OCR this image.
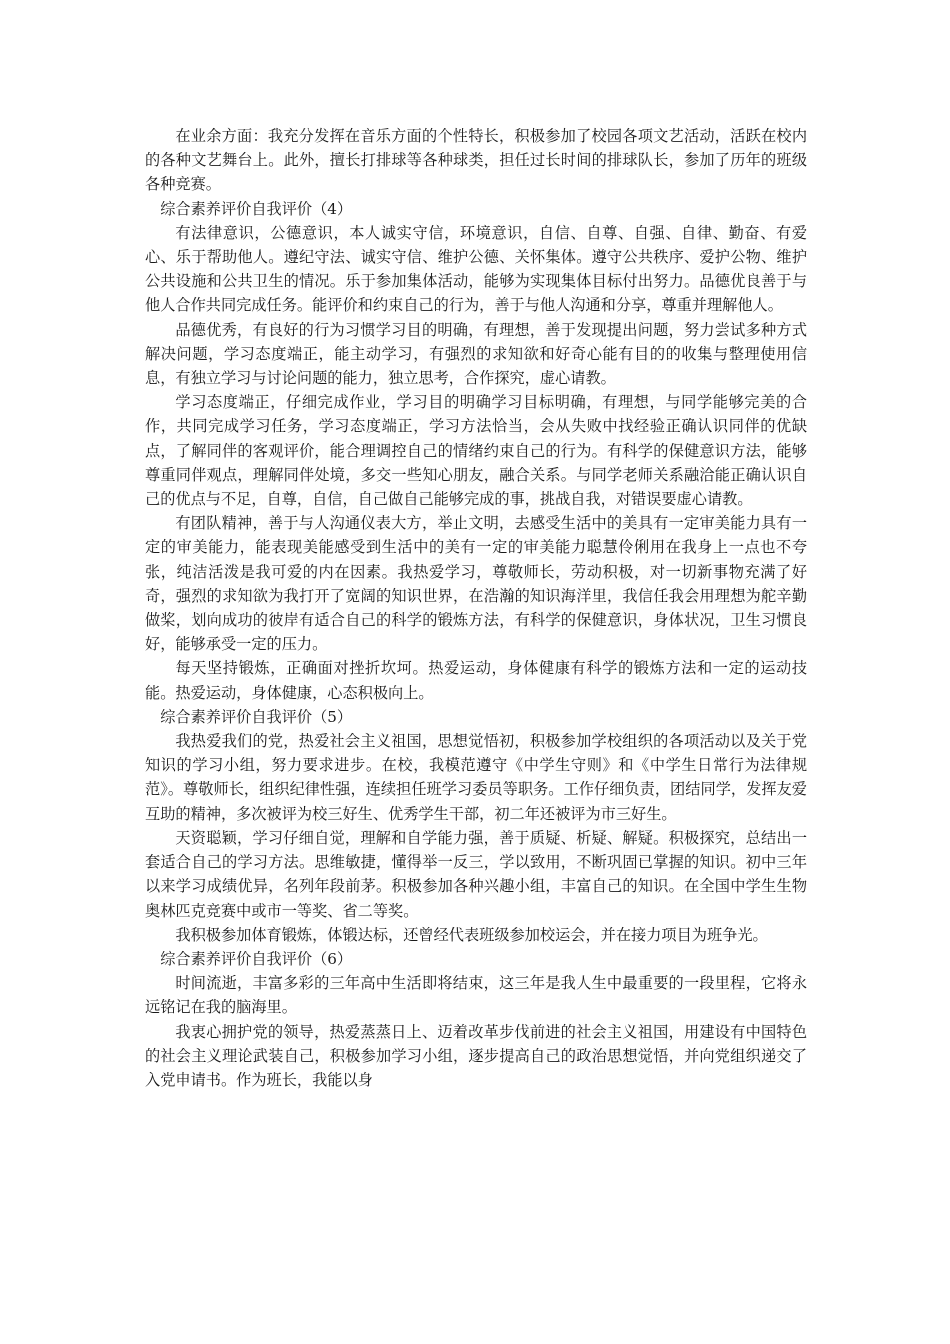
在业余方面：我充分发挥在音乐方面的个性特长，积极参加了校园各项文艺活动，活跃在校内的各种文艺舞台上。此外，擅长打排球等各种球类，担任过长时间的排球队长，参加了历年的班级各种竞赛。

综合素养评价自我评价（4）

有法律意识，公德意识，本人诚实守信，环境意识，自信、自尊、自强、自律、勤奋、有爱心、乐于帮助他人。遵纪守法、诚实守信、维护公德、关怀集体。遵守公共秩序、爱护公物、维护公共设施和公共卫生的情况。乐于参加集体活动，能够为实现集体目标付出努力。品德优良善于与他人合作共同完成任务。能评价和约束自己的行为，善于与他人沟通和分享，尊重并理解他人。

品德优秀，有良好的行为习惯学习目的明确，有理想，善于发现提出问题，努力尝试多种方式解决问题，学习态度端正，能主动学习，有强烈的求知欲和好奇心能有目的的收集与整理使用信息，有独立学习与讨论问题的能力，独立思考，合作探究，虚心请教。

学习态度端正，仔细完成作业，学习目的明确学习目标明确，有理想，与同学能够完美的合作，共同完成学习任务，学习态度端正，学习方法恰当，会从失败中找经验正确认识同伴的优缺点，了解同伴的客观评价，能合理调控自己的情绪约束自己的行为。有科学的保健意识方法，能够尊重同伴观点，理解同伴处境，多交一些知心朋友，融合关系。与同学老师关系融洽能正确认识自己的优点与不足，自尊，自信，自己做自己能够完成的事，挑战自我，对错误要虚心请教。

有团队精神，善于与人沟通仪表大方，举止文明，去感受生活中的美具有一定审美能力具有一定的审美能力，能表现美能感受到生活中的美有一定的审美能力聪慧伶俐用在我身上一点也不夸张，纯洁活泼是我可爱的内在因素。我热爱学习，尊敬师长，劳动积极，对一切新事物充满了好奇，强烈的求知欲为我打开了宽阔的知识世界，在浩瀚的知识海洋里，我信任我会用理想为舵辛勤做桨，划向成功的彼岸有适合自己的科学的锻炼方法，有科学的保健意识，身体状况，卫生习惯良好，能够承受一定的压力。

每天坚持锻炼，正确面对挫折坎坷。热爱运动，身体健康有科学的锻炼方法和一定的运动技能。热爱运动，身体健康，心态积极向上。

综合素养评价自我评价（5）

我热爱我们的党，热爱社会主义祖国，思想觉悟初，积极参加学校组织的各项活动以及关于党知识的学习小组，努力要求进步。在校，我模范遵守《中学生守则》和《中学生日常行为法律规范》。尊敬师长，组织纪律性强，连续担任班学习委员等职务。工作仔细负责，团结同学，发挥友爱互助的精神，多次被评为校三好生、优秀学生干部，初二年还被评为市三好生。

天资聪颖，学习仔细自觉，理解和自学能力强，善于质疑、析疑、解疑。积极探究，总结出一套适合自己的学习方法。思维敏捷，懂得举一反三，学以致用，不断巩固已掌握的知识。初中三年以来学习成绩优异，名列年段前茅。积极参加各种兴趣小组，丰富自己的知识。在全国中学生生物奥林匹克竞赛中或市一等奖、省二等奖。

我积极参加体育锻炼，体锻达标，还曾经代表班级参加校运会，并在接力项目为班争光。

综合素养评价自我评价（6）

时间流逝，丰富多彩的三年高中生活即将结束，这三年是我人生中最重要的一段里程，它将永远铭记在我的脑海里。

我衷心拥护党的领导，热爱蒸蒸日上、迈着改革步伐前进的社会主义祖国，用建设有中国特色的社会主义理论武装自己，积极参加学习小组，逐步提高自己的政治思想觉悟，并向党组织递交了入党申请书。作为班长，我能以身
